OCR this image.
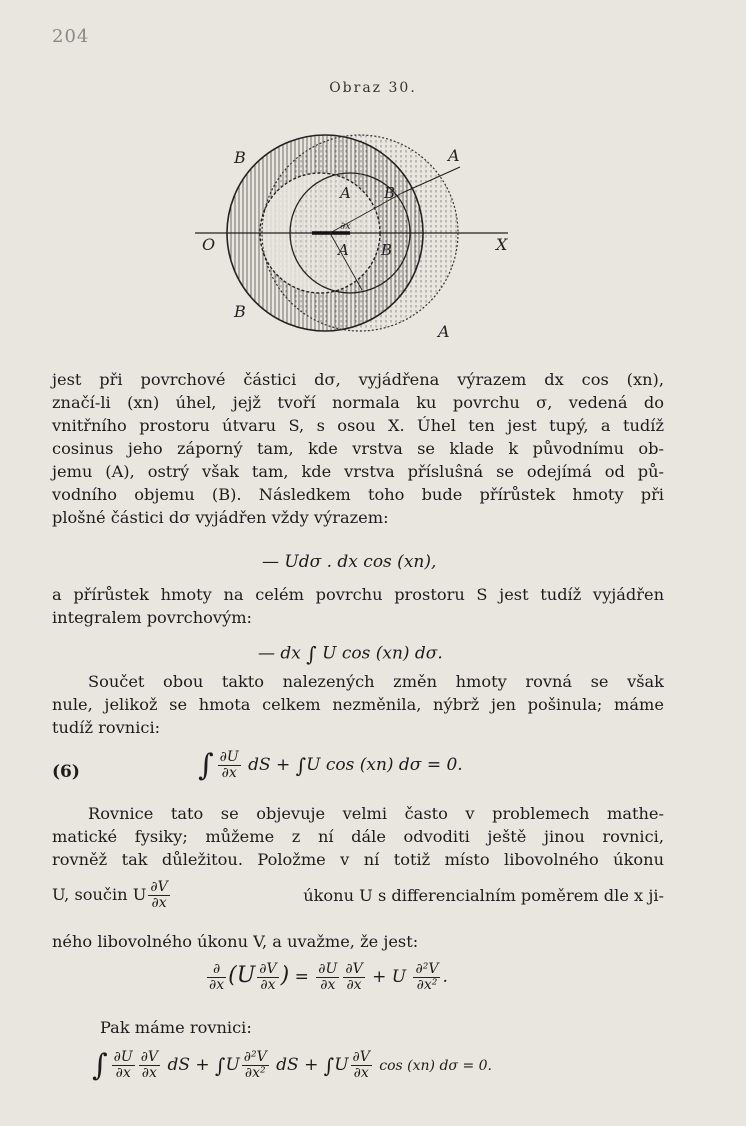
204
Obraz 30.
B	A
A B
∂x
O	X
A B
B
A
jest při povrchové částici dσ, vyjádřena výrazem dx cos (xn),
značí-li (xn) úhel, jejž tvoří normala ku povrchu σ, vedená do
vnitřního prostoru útvaru S, s osou X. Úhel ten jest tupý, a tudíž
cosinus jeho záporný tam, kde vrstva se klade k původnímu ob-
jemu (A), ostrý však tam, kde vrstva přísluŝná se odejímá od pů-
vodního objemu (B). Následkem toho bude přírůstek hmoty při
plošné částici dσ vyjádřen vždy výrazem:
— Udσ . dx cos (xn),
a přírůstek hmoty na celém povrchu prostoru S jest tudíž vyjádřen
integralem povrchovým:
— dx ∫ U cos (xn) dσ.
Součet obou takto nalezených změn hmoty rovná se však
nule, jelikož se hmota celkem nezměnila, nýbrž jen pošinula; máme
tudíž rovnici:
(6)	∫ $\frac{\partial U}{\partial x}$ dS + ∫U cos (xn) dσ = 0.
Rovnice tato se objevuje velmi často v problemech mathe-
matické fysiky; můžeme z ní dále odvoditi ještě jinou rovnici,
rovněž tak důležitou. Položme v ní totiž místo libovolného úkonu
U, součin U $\frac{\partial V}{\partial x}$	úkonu U s differencialním poměrem dle x ji-
ného libovolného úkonu V, a uvažme, že jest:
$\frac{\partial}{\partial x} (U \frac{\partial V}{\partial x}$ ) = $\frac{\partial U}{\partial x} \frac{\partial V}{\partial x} + U \frac{\text{∂²V}}{\text{∂x²}}$ .
Pak máme rovnici:
∫ $\frac{\partial U}{\partial x} \frac{\partial V}{\partial x}$ dS + $\int U \frac{\text{∂²V}}{\text{∂x²}}$ dS + $\int U \frac{\partial V}{\partial x}$ cos (xn) dσ = 0.
